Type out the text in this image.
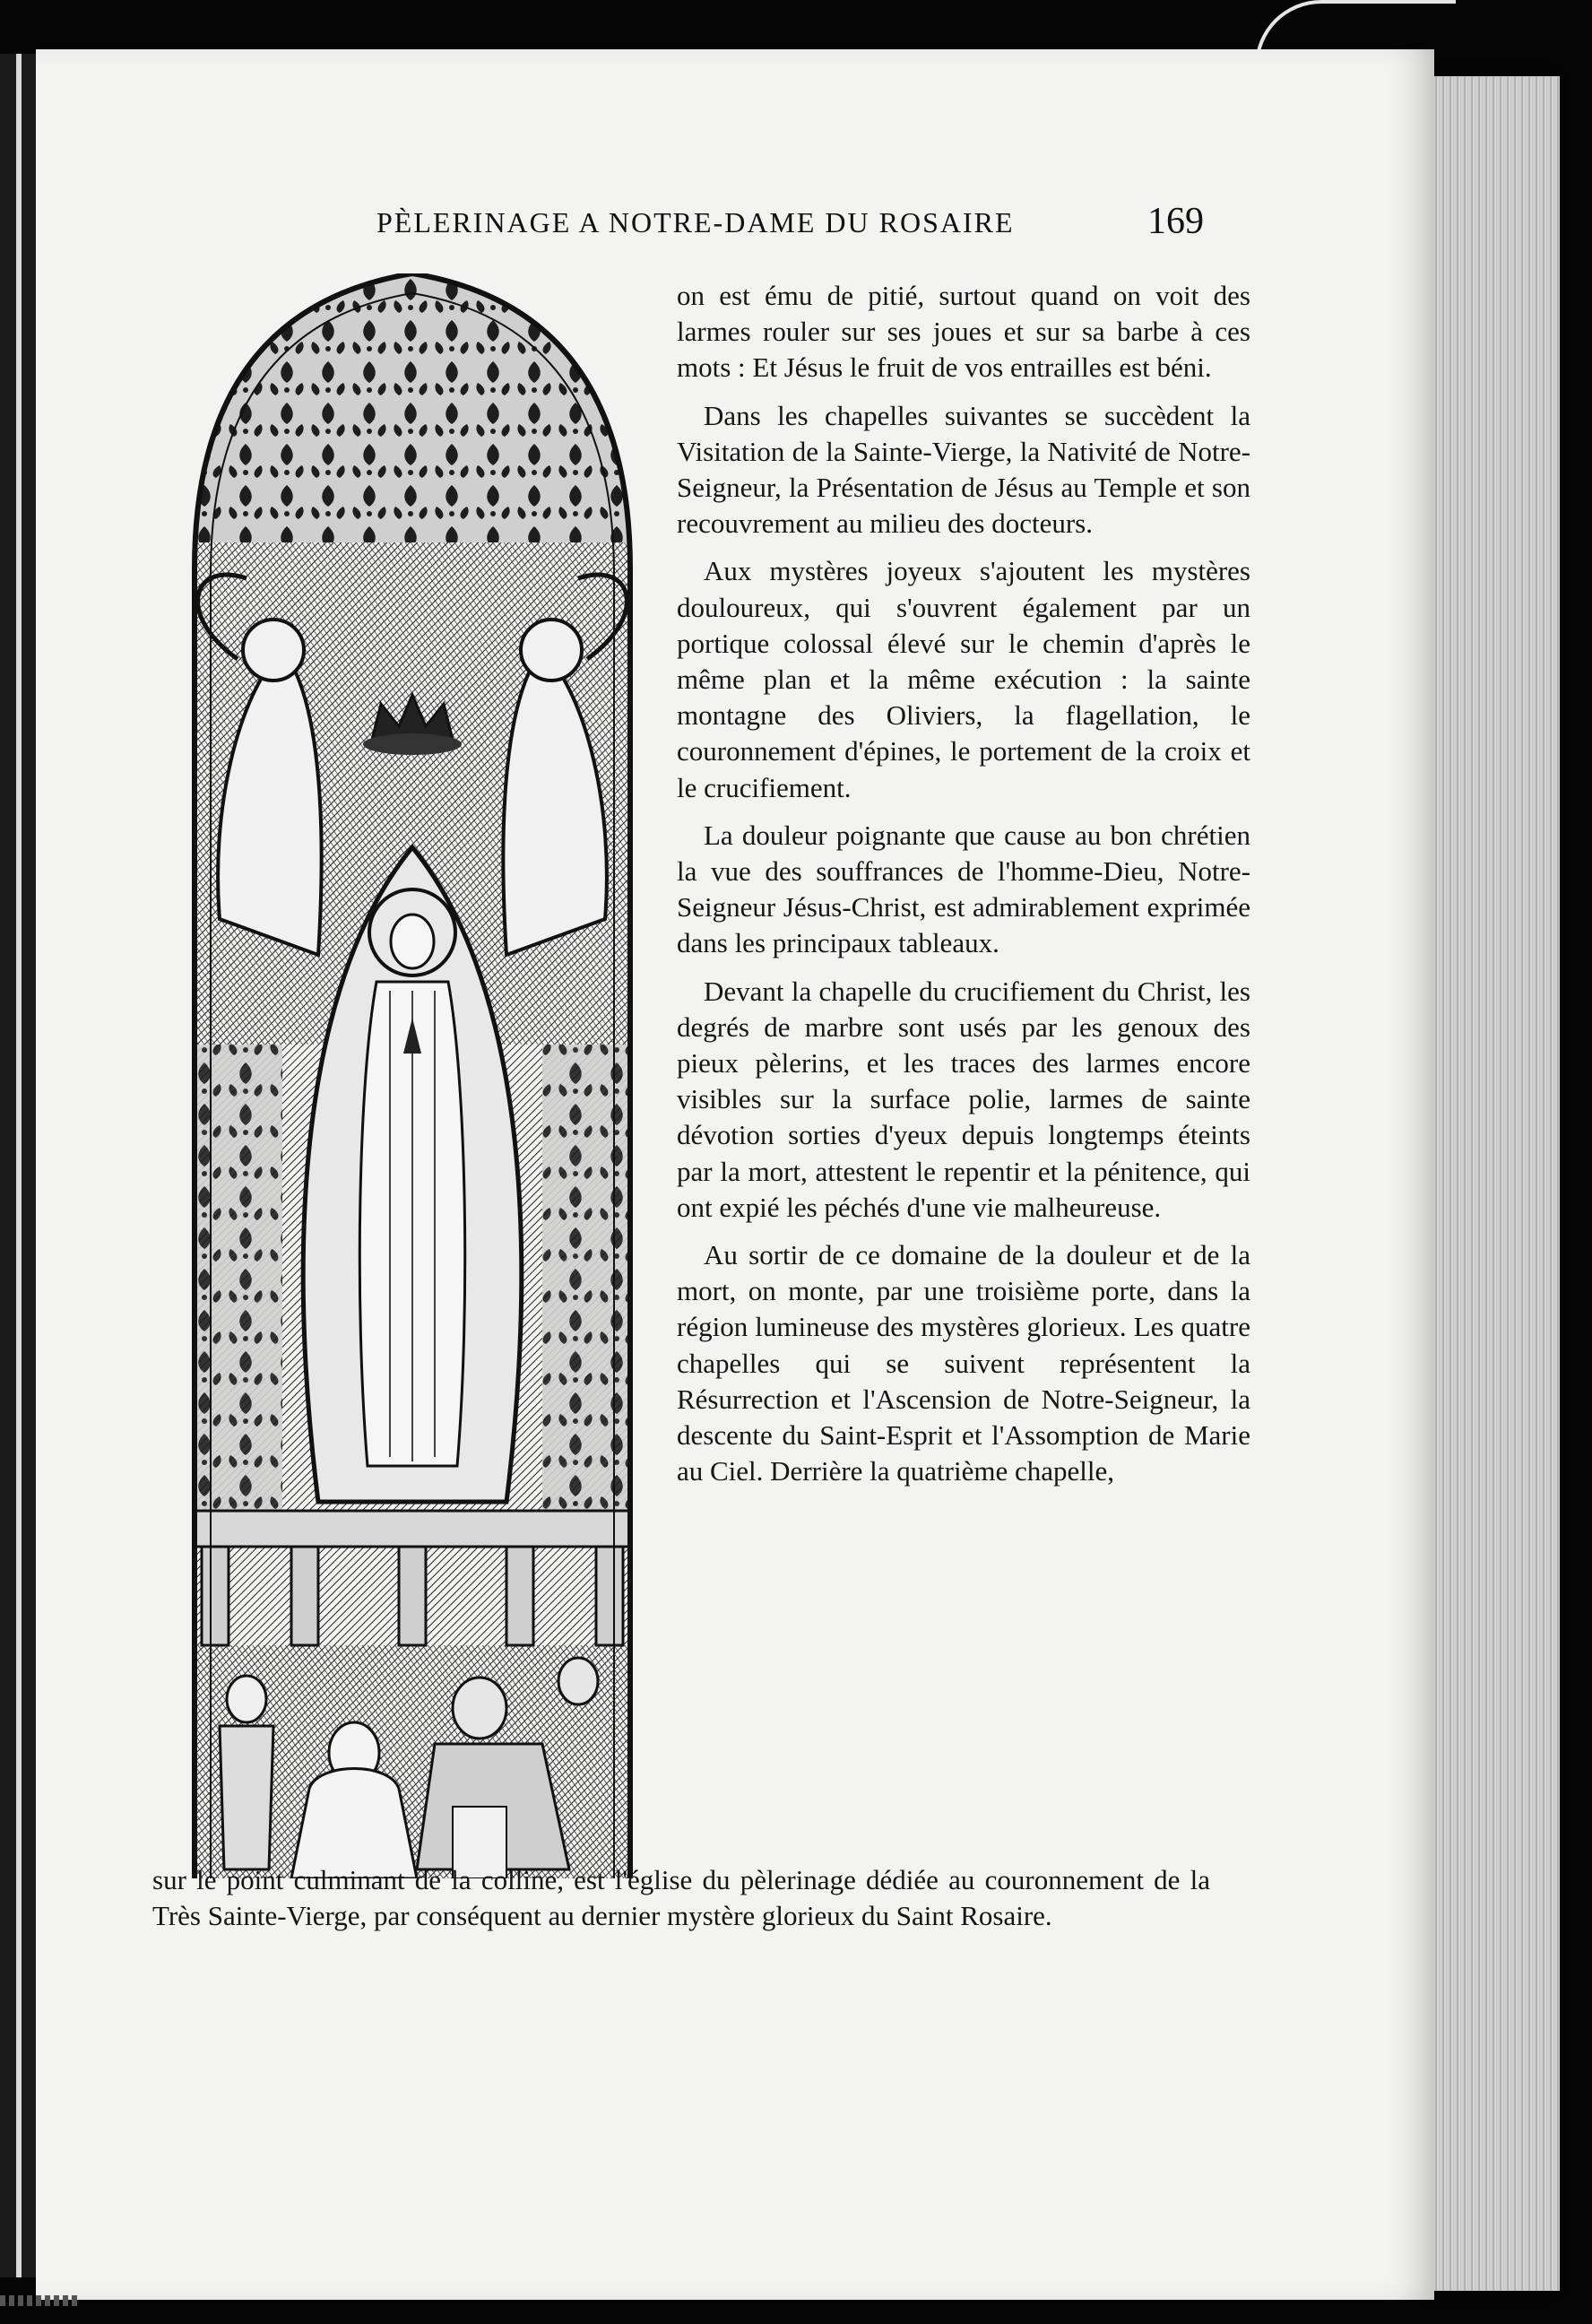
PÈLERINAGE A NOTRE-DAME DU ROSAIRE	169

on est ému de pitié, surtout quand on voit des larmes rouler sur ses joues et sur sa barbe à ces mots : Et Jésus le fruit de vos entrailles est béni.

Dans les chapelles suivantes se succèdent la Visitation de la Sainte-Vierge, la Nativité de Notre-Seigneur, la Présentation de Jésus au Temple et son recouvrement au milieu des docteurs.

Aux mystères joyeux s'ajoutent les mystères douloureux, qui s'ouvrent également par un portique colossal élevé sur le chemin d'après le même plan et la même exécution : la sainte montagne des Oliviers, la flagellation, le couronnement d'épines, le portement de la croix et le crucifiement.

La douleur poignante que cause au bon chrétien la vue des souffrances de l'homme-Dieu, Notre-Seigneur Jésus-Christ, est admirablement exprimée dans les principaux tableaux.

Devant la chapelle du crucifiement du Christ, les degrés de marbre sont usés par les genoux des pieux pèlerins, et les traces des larmes encore visibles sur la surface polie, larmes de sainte dévotion sorties d'yeux depuis longtemps éteints par la mort, attestent le repentir et la pénitence, qui ont expié les péchés d'une vie malheureuse.

Au sortir de ce domaine de la douleur et de la mort, on monte, par une troisième porte, dans la région lumineuse des mystères glorieux. Les quatre chapelles qui se suivent représentent la Résurrection et l'Ascension de Notre-Seigneur, la descente du Saint-Esprit et l'Assomption de Marie au Ciel. Derrière la quatrième chapelle,

sur le point culminant de la colline, est l'église du pèlerinage dédiée au couronnement de la Très Sainte-Vierge, par conséquent au dernier mystère glorieux du Saint Rosaire.
